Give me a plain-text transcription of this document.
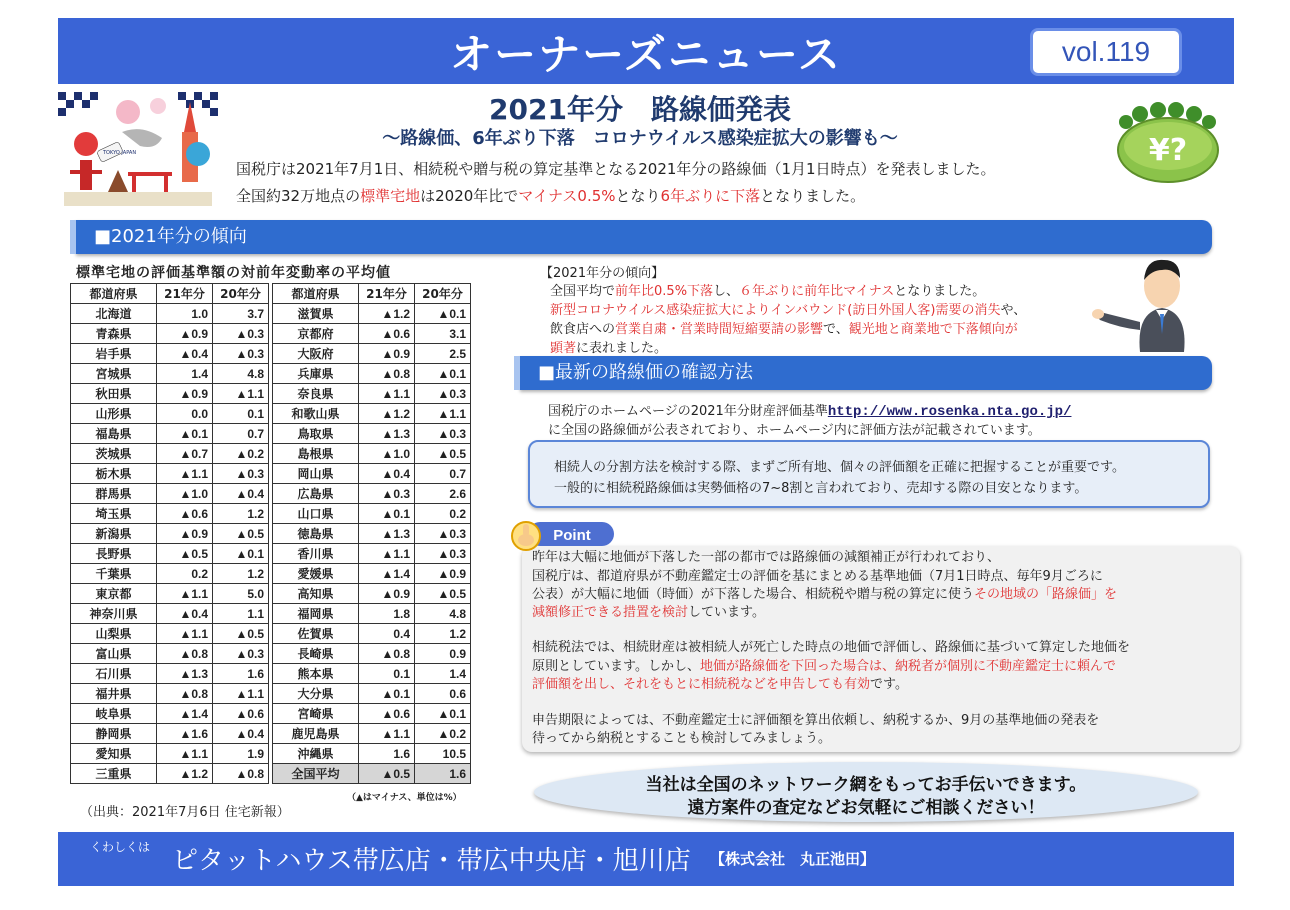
オーナーズニュース	vol.119
TOKYO JAPAN
2021年分　路線価発表
～路線価、6年ぶり下落　コロナウイルス感染症拡大の影響も～
国税庁は2021年7月1日、相続税や贈与税の算定基準となる2021年分の路線価（1月1日時点）を発表しました。
全国約32万地点の標準宅地は2020年比でマイナス0.5%となり6年ぶりに下落となりました。
¥?
■2021年分の傾向
標準宅地の評価基準額の対前年変動率の平均値
都道府県	21年分	20年分		都道府県	21年分	20年分
北海道	1.0	3.7		滋賀県	▲1.2	▲0.1
青森県	▲0.9	▲0.3		京都府	▲0.6	3.1
岩手県	▲0.4	▲0.3		大阪府	▲0.9	2.5
宮城県	1.4	4.8		兵庫県	▲0.8	▲0.1
秋田県	▲0.9	▲1.1		奈良県	▲1.1	▲0.3
山形県	0.0	0.1		和歌山県	▲1.2	▲1.1
福島県	▲0.1	0.7		鳥取県	▲1.3	▲0.3
茨城県	▲0.7	▲0.2		島根県	▲1.0	▲0.5
栃木県	▲1.1	▲0.3		岡山県	▲0.4	0.7
群馬県	▲1.0	▲0.4		広島県	▲0.3	2.6
埼玉県	▲0.6	1.2		山口県	▲0.1	0.2
新潟県	▲0.9	▲0.5		徳島県	▲1.3	▲0.3
長野県	▲0.5	▲0.1		香川県	▲1.1	▲0.3
千葉県	0.2	1.2		愛媛県	▲1.4	▲0.9
東京都	▲1.1	5.0		高知県	▲0.9	▲0.5
神奈川県	▲0.4	1.1		福岡県	1.8	4.8
山梨県	▲1.1	▲0.5		佐賀県	0.4	1.2
富山県	▲0.8	▲0.3		長崎県	▲0.8	0.9
石川県	▲1.3	1.6		熊本県	0.1	1.4
福井県	▲0.8	▲1.1		大分県	▲0.1	0.6
岐阜県	▲1.4	▲0.6		宮崎県	▲0.6	▲0.1
静岡県	▲1.6	▲0.4		鹿児島県	▲1.1	▲0.2
愛知県	▲1.1	1.9		沖縄県	1.6	10.5
三重県	▲1.2	▲0.8		全国平均	▲0.5	1.6
（▲はマイナス、単位は%）
（出典：2021年7月6日 住宅新報）
【2021年分の傾向】
全国平均で前年比0.5%下落し、６年ぶりに前年比マイナスとなりました。
新型コロナウイルス感染症拡大によりインバウンド(訪日外国人客)需要の消失や、
飲食店への営業自粛・営業時間短縮要請の影響で、観光地と商業地で下落傾向が
顕著に表れました。
■最新の路線価の確認方法
国税庁のホームページの2021年分財産評価基準http://www.rosenka.nta.go.jp/
に全国の路線価が公表されており、ホームページ内に評価方法が記載されています。
相続人の分割方法を検討する際、まずご所有地、個々の評価額を正確に把握することが重要です。
一般的に相続税路線価は実勢価格の7~8割と言われており、売却する際の目安となります。
昨年は大幅に地価が下落した一部の都市では路線価の減額補正が行われており、
国税庁は、都道府県が不動産鑑定士の評価を基にまとめる基準地価（7月1日時点、毎年9月ごろに
公表）が大幅に地価（時価）が下落した場合、相続税や贈与税の算定に使うその地域の「路線価」を
減額修正できる措置を検討しています。
相続税法では、相続財産は被相続人が死亡した時点の地価で評価し、路線価に基づいて算定した地価を
原則としています。しかし、地価が路線価を下回った場合は、納税者が個別に不動産鑑定士に頼んで
評価額を出し、それをもとに相続税などを申告しても有効です。
申告期限によっては、不動産鑑定士に評価額を算出依頼し、納税するか、9月の基準地価の発表を
待ってから納税とすることも検討してみましょう。
Point
当社は全国のネットワーク網をもってお手伝いできます。
遠方案件の査定などお気軽にご相談ください！
くわしくは ピタットハウス帯広店・帯広中央店・旭川店 【株式会社　丸正池田】
